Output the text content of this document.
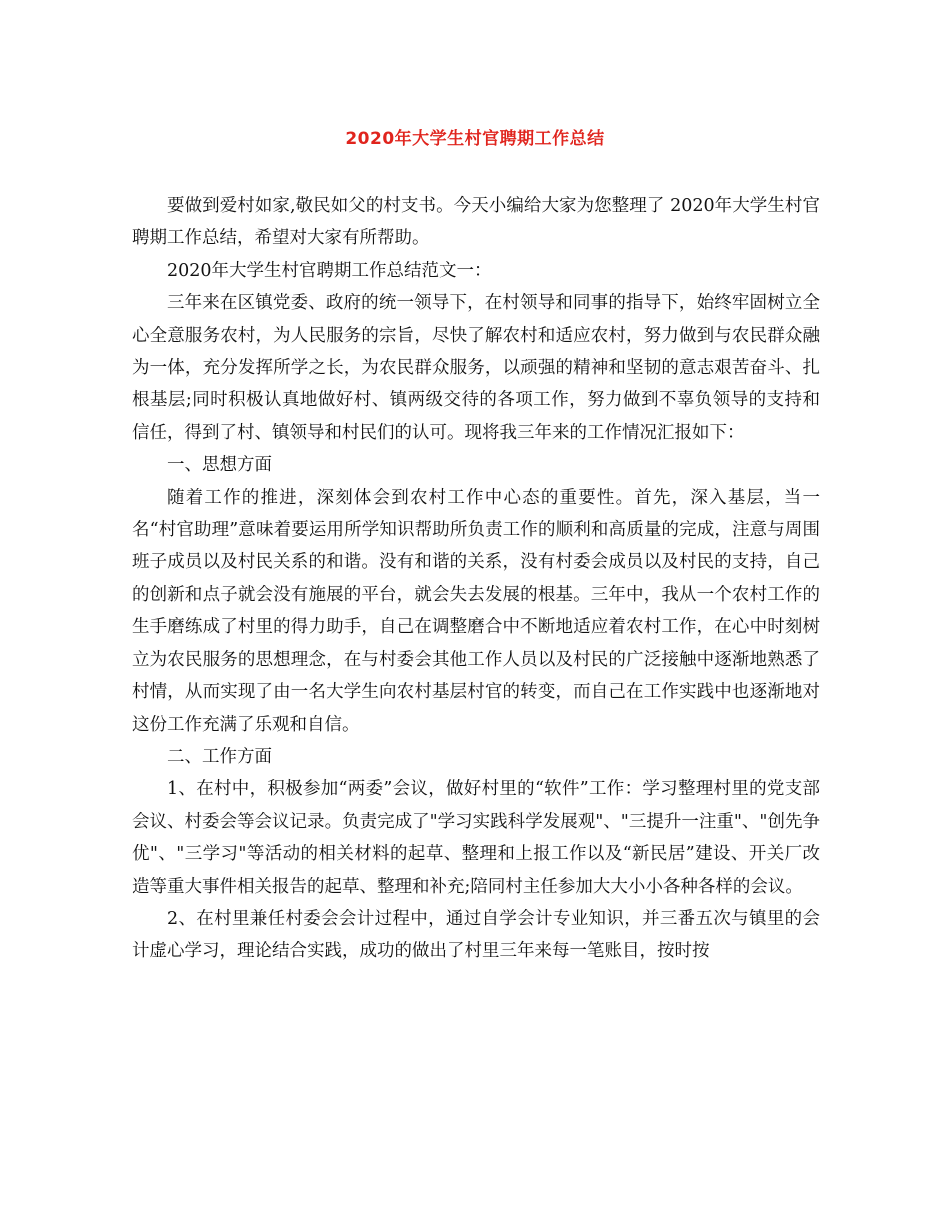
2020年大学生村官聘期工作总结

要做到爱村如家,敬民如父的村支书。今天小编给大家为您整理了 2020年大学生村官聘期工作总结，希望对大家有所帮助。

2020年大学生村官聘期工作总结范文一：

三年来在区镇党委、政府的统一领导下，在村领导和同事的指导下，始终牢固树立全心全意服务农村，为人民服务的宗旨，尽快了解农村和适应农村，努力做到与农民群众融为一体，充分发挥所学之长，为农民群众服务，以顽强的精神和坚韧的意志艰苦奋斗、扎根基层;同时积极认真地做好村、镇两级交待的各项工作，努力做到不辜负领导的支持和信任，得到了村、镇领导和村民们的认可。现将我三年来的工作情况汇报如下：

一、思想方面

随着工作的推进，深刻体会到农村工作中心态的重要性。首先，深入基层，当一名“村官助理”意味着要运用所学知识帮助所负责工作的顺利和高质量的完成，注意与周围班子成员以及村民关系的和谐。没有和谐的关系，没有村委会成员以及村民的支持，自己的创新和点子就会没有施展的平台，就会失去发展的根基。三年中，我从一个农村工作的生手磨练成了村里的得力助手，自己在调整磨合中不断地适应着农村工作，在心中时刻树立为农民服务的思想理念，在与村委会其他工作人员以及村民的广泛接触中逐渐地熟悉了村情，从而实现了由一名大学生向农村基层村官的转变，而自己在工作实践中也逐渐地对这份工作充满了乐观和自信。

二、工作方面

1、在村中，积极参加“两委”会议，做好村里的“软件”工作：学习整理村里的党支部会议、村委会等会议记录。负责完成了"学习实践科学发展观"、"三提升一注重"、"创先争优"、"三学习"等活动的相关材料的起草、整理和上报工作以及“新民居”建设、开关厂改造等重大事件相关报告的起草、整理和补充;陪同村主任参加大大小小各种各样的会议。

2、在村里兼任村委会会计过程中，通过自学会计专业知识，并三番五次与镇里的会计虚心学习，理论结合实践，成功的做出了村里三年来每一笔账目，按时按
